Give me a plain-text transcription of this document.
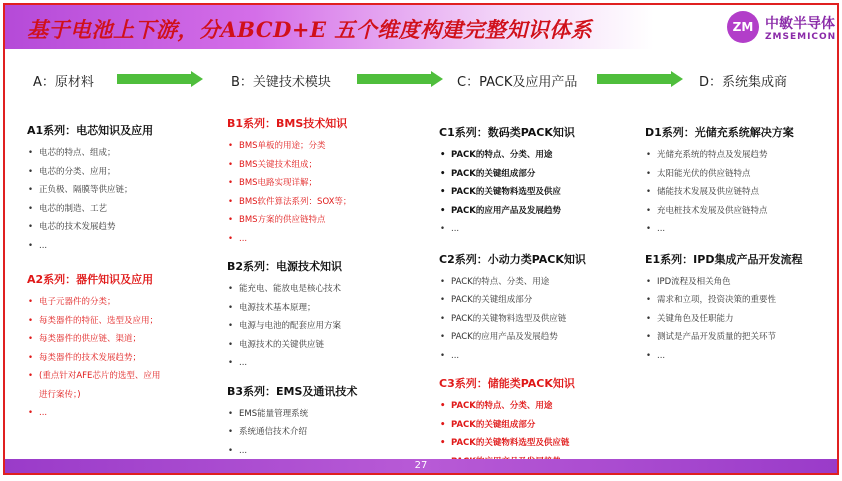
基于电池上下游，分ABCD+E 五个维度构建完整知识体系	ZM 中敏半导体
ZMSEMICON
A：原材料	B：关键技术模块	C：PACK及应用产品	D：系统集成商
A1系列：电芯知识及应用
• 电芯的特点、组成；
• 电芯的分类、应用；
• 正负极、隔膜等供应链；
• 电芯的制造、工艺
• 电芯的技术发展趋势
• ...
A2系列：器件知识及应用
• 电子元器件的分类；
• 每类器件的特征、选型及应用；
• 每类器件的供应链、渠道；
• 每类器件的技术发展趋势；
• (重点针对AFE芯片的选型、应用
进行案传；)
• ...
B1系列：BMS技术知识
• BMS单板的用途；分类
• BMS关键技术组成；
• BMS电路实现详解；
• BMS软件算法系列：SOX等；
• BMS方案的供应链特点
• ...
B2系列：电源技术知识
• 能充电、能放电是核心技术
• 电源技术基本原理；
• 电源与电池的配套应用方案
• 电源技术的关键供应链
• ...
B3系列：EMS及通讯技术
• EMS能量管理系统
• 系统通信技术介绍
• ...
C1系列：数码类PACK知识
• PACK的特点、分类、用途
• PACK的关键组成部分
• PACK的关键物料选型及供应
• PACK的应用产品及发展趋势
• ...
C2系列：小动力类PACK知识
• PACK的特点、分类、用途
• PACK的关键组成部分
• PACK的关键物料选型及供应链
• PACK的应用产品及发展趋势
• ...
C3系列：储能类PACK知识
• PACK的特点、分类、用途
• PACK的关键组成部分
• PACK的关键物料选型及供应链
•
D1系列：光储充系统解决方案
• 光储充系统的特点及发展趋势
• 太阳能光伏的供应链特点
• 储能技术发展及供应链特点
• 充电桩技术发展及供应链特点
• ...
E1系列：IPD集成产品开发流程
• IPD流程及相关角色
• 需求和立项，投资决策的重要性
• 关键角色及任职能力
• 测试是产品开发质量的把关环节
• ...
27
